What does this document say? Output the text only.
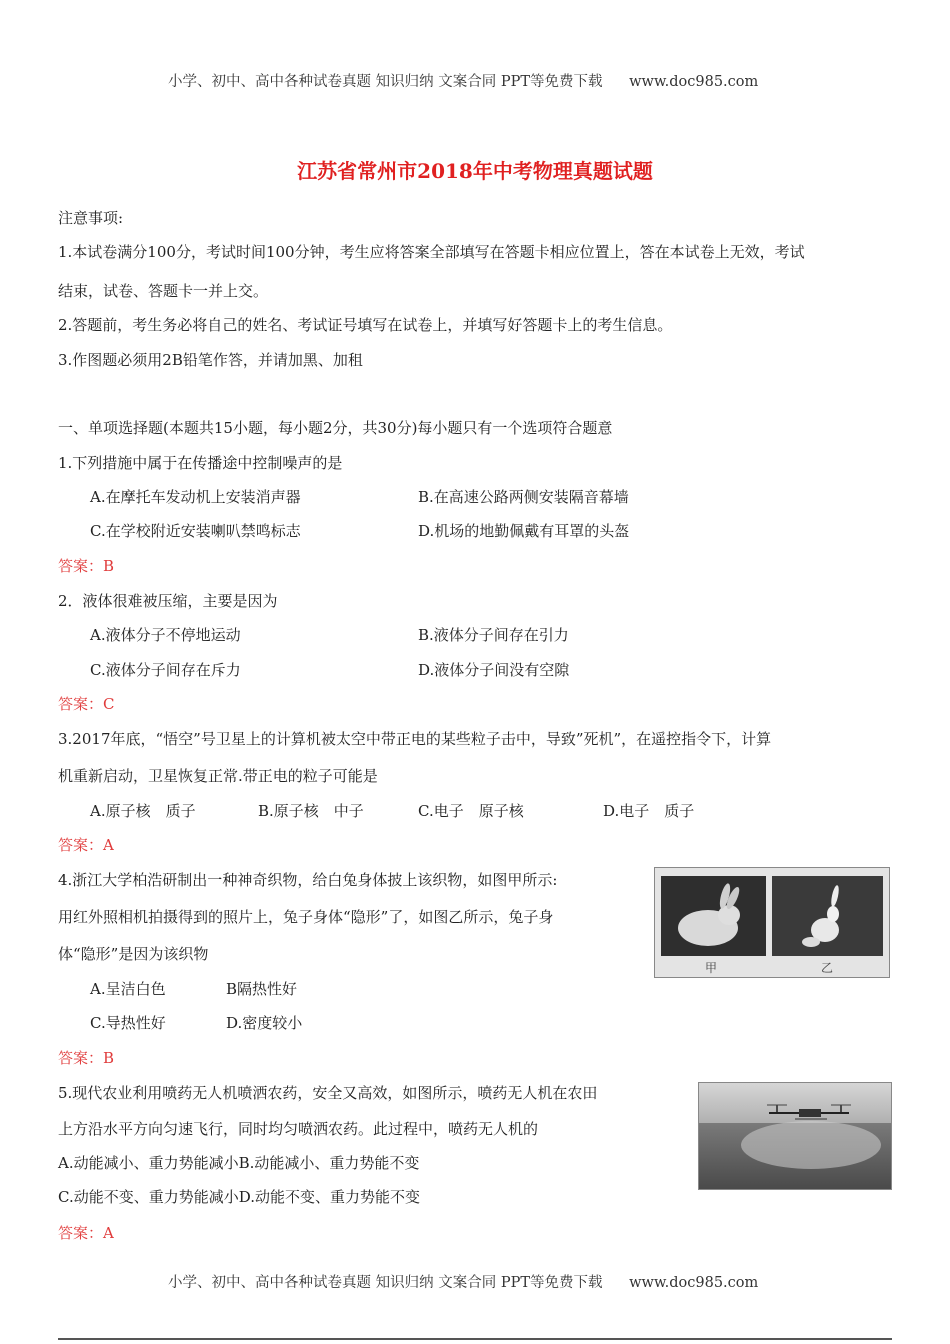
小学、初中、高中各种试卷真题 知识归纳 文案合同 PPT等免费下载 www.doc985.com
江苏省常州市2018年中考物理真题试题
注意事项:
1.本试卷满分100分，考试时间100分钟，考生应将答案全部填写在答题卡相应位置上，答在本试卷上无效，考试
结束，试卷、答题卡一并上交。
2.答题前，考生务必将自己的姓名、考试证号填写在试卷上，并填写好答题卡上的考生信息。
3.作图题必须用2B铅笔作答，并请加黑、加租
一、单项选择题(本题共15小题，每小题2分，共30分)每小题只有一个选项符合题意
1.下列措施中属于在传播途中控制噪声的是
A.在摩托车发动机上安装消声器	B.在高速公路两侧安装隔音幕墙
C.在学校附近安装喇叭禁鸣标志	D.机场的地勤佩戴有耳罩的头盔
答案：B
2．液体很难被压缩，主要是因为
A.液体分子不停地运动	B.液体分子间存在引力
C.液体分子间存在斥力	D.液体分子间没有空隙
答案：C
3.2017年底，“悟空”号卫星上的计算机被太空中带正电的某些粒子击中，导致”死机”，在遥控指令下，计算
机重新启动，卫星恢复正常.带正电的粒子可能是
A.原子核　质子	B.原子核　中子	C.电子　原子核	D.电子　质子
答案：A
4.浙江大学柏浩研制出一种神奇织物，给白兔身体披上该织物，如图甲所示:
用红外照相机拍摄得到的照片上，兔子身体“隐形”了，如图乙所示，兔子身
体“隐形”是因为该织物
A.呈洁白色	B隔热性好
C.导热性好	D.密度较小
答案：B
甲	乙
5.现代农业利用喷药无人机喷洒农药，安全又高效，如图所示，喷药无人机在农田
上方沿水平方向匀速飞行，同时均匀喷洒农药。此过程中，喷药无人机的
A.动能减小、重力势能减小B.动能减小、重力势能不变
C.动能不变、重力势能减小D.动能不变、重力势能不变
答案：A
小学、初中、高中各种试卷真题 知识归纳 文案合同 PPT等免费下载 www.doc985.com
